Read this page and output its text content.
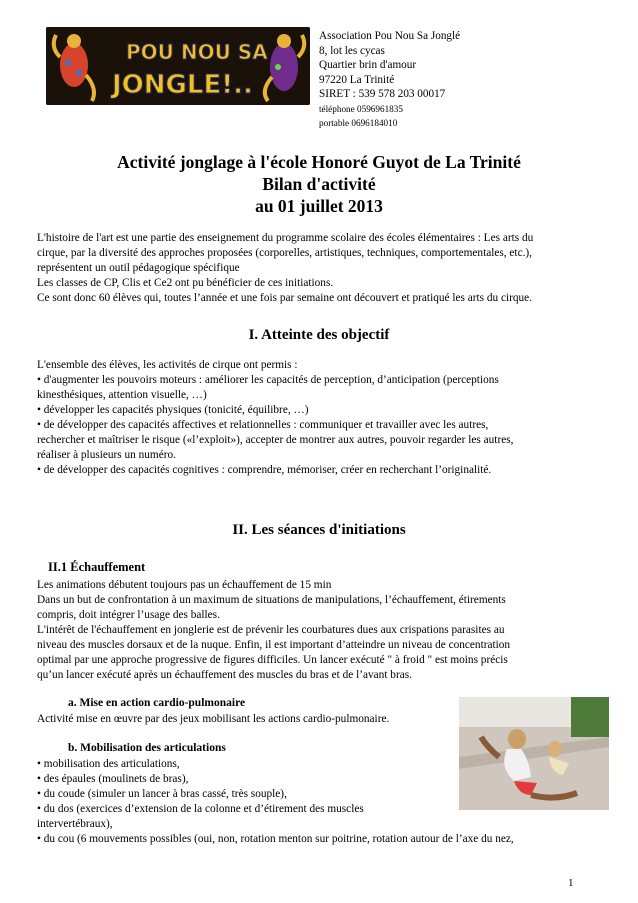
POU NOU SA
JONGLE!..
Association Pou Nou Sa Jonglé
8, lot les cycas
Quartier brin d'amour
97220 La Trinité
SIRET : 539 578 203 00017
téléphone 0596961835
portable 0696184010
Activité jonglage à l'école Honoré Guyot de La Trinité
Bilan d'activité
au 01 juillet 2013
L'histoire de l'art est une partie des enseignement du programme scolaire des écoles élémentaires : Les arts du
cirque, par la diversité des approches proposées (corporelles, artistiques, techniques, comportementales, etc.),
représentent un outil pédagogique spécifique
Les classes de CP, Clis et Ce2 ont pu bénéficier de ces initiations.
Ce sont donc 60 élèves qui, toutes l’année et une fois par semaine ont découvert et pratiqué les arts du cirque.
I. Atteinte des objectif
L'ensemble des élèves, les activités de cirque ont permis :
• d'augmenter les pouvoirs moteurs : améliorer les capacités de perception, d’anticipation (perceptions
kinesthésiques, attention visuelle, …)
• développer les capacités physiques (tonicité, équilibre, …)
• de développer des capacités affectives et relationnelles : communiquer et travailler avec les autres,
rechercher et maîtriser le risque («l’exploit»), accepter de montrer aux autres, pouvoir regarder les autres,
réaliser à plusieurs un numéro.
• de développer des capacités cognitives : comprendre, mémoriser, créer en recherchant l’originalité.
II. Les séances d'initiations
II.1 Échauffement
Les animations débutent toujours pas un échauffement de 15 min
Dans un but de confrontation à un maximum de situations de manipulations, l’échauffement, étirements
compris, doit intégrer l’usage des balles.
L'intérêt de l'échauffement en jonglerie est de prévenir les courbatures dues aux crispations parasites au
niveau des muscles dorsaux et de la nuque. Enfin, il est important d’atteindre un niveau de concentration
optimal par une approche progressive de figures difficiles. Un lancer exécuté " à froid " est moins précis
qu’un lancer exécuté après un échauffement des muscles du bras et de l’avant bras.
a. Mise en action cardio-pulmonaire
Activité mise en œuvre par des jeux mobilisant les actions cardio-pulmonaire.
b. Mobilisation des articulations
• mobilisation des articulations,
• des épaules (moulinets de bras),
• du coude (simuler un lancer à bras cassé, très souple),
• du dos (exercices d’extension de la colonne et d’étirement des muscles
intervertébraux),
• du cou (6 mouvements possibles (oui, non, rotation menton sur poitrine, rotation autour de l’axe du nez,
1
